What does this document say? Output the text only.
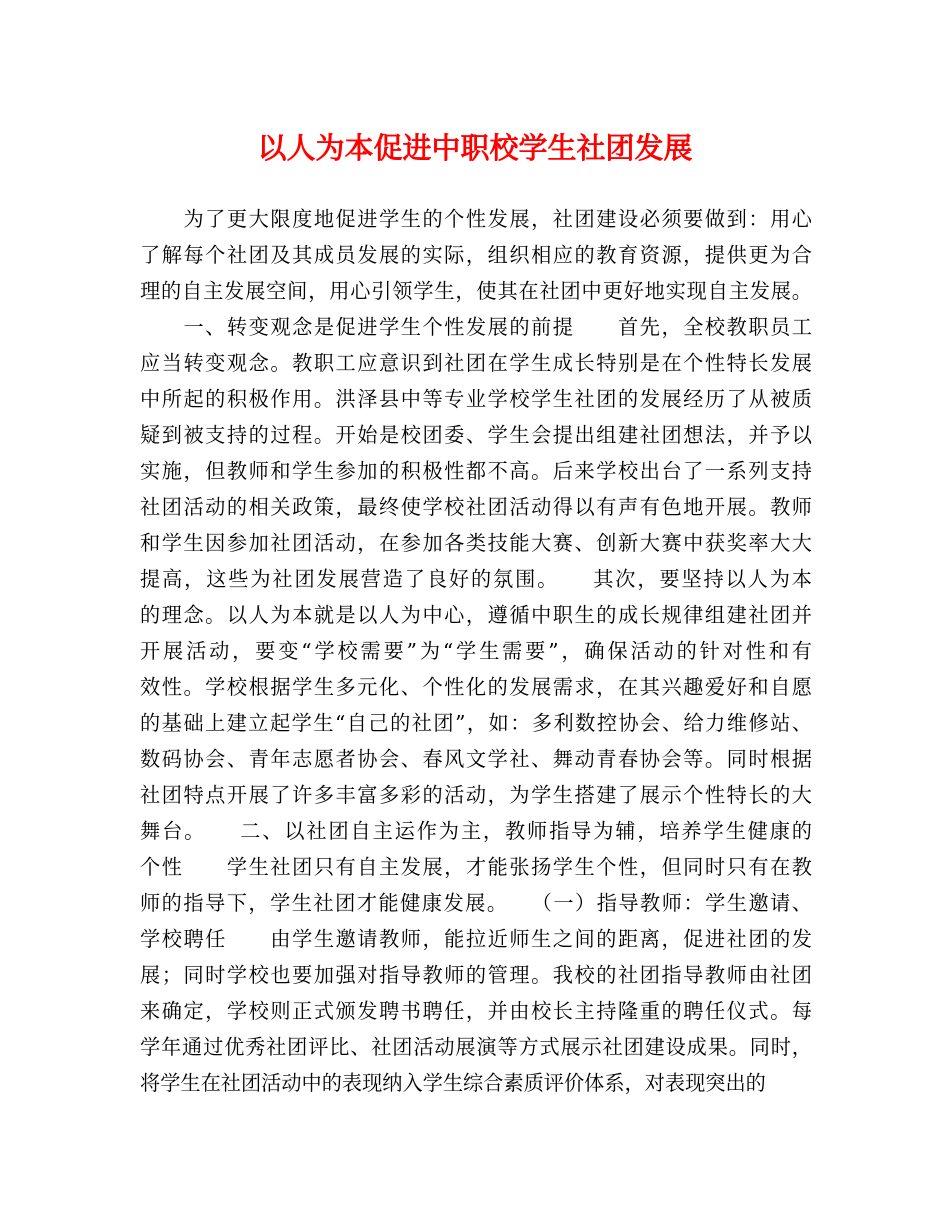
以人为本促进中职校学生社团发展
　　为了更大限度地促进学生的个性发展，社团建设必须要做到：用心
了解每个社团及其成员发展的实际，组织相应的教育资源，提供更为合
理的自主发展空间，用心引领学生，使其在社团中更好地实现自主发展。
　　一、转变观念是促进学生个性发展的前提　　首先，全校教职员工
应当转变观念。教职工应意识到社团在学生成长特别是在个性特长发展
中所起的积极作用。洪泽县中等专业学校学生社团的发展经历了从被质
疑到被支持的过程。开始是校团委、学生会提出组建社团想法，并予以
实施，但教师和学生参加的积极性都不高。后来学校出台了一系列支持
社团活动的相关政策，最终使学校社团活动得以有声有色地开展。教师
和学生因参加社团活动，在参加各类技能大赛、创新大赛中获奖率大大
提高，这些为社团发展营造了良好的氛围。　　其次，要坚持以人为本
的理念。以人为本就是以人为中心，遵循中职生的成长规律组建社团并
开展活动，要变“学校需要”为“学生需要”，确保活动的针对性和有
效性。学校根据学生多元化、个性化的发展需求，在其兴趣爱好和自愿
的基础上建立起学生“自己的社团”，如：多利数控协会、给力维修站、
数码协会、青年志愿者协会、春风文学社、舞动青春协会等。同时根据
社团特点开展了许多丰富多彩的活动，为学生搭建了展示个性特长的大
舞台。　　二、以社团自主运作为主，教师指导为辅，培养学生健康的
个性　　学生社团只有自主发展，才能张扬学生个性，但同时只有在教
师的指导下，学生社团才能健康发展。　　（一）指导教师：学生邀请、
学校聘任　　由学生邀请教师，能拉近师生之间的距离，促进社团的发
展；同时学校也要加强对指导教师的管理。我校的社团指导教师由社团
来确定，学校则正式颁发聘书聘任，并由校长主持隆重的聘任仪式。每
学年通过优秀社团评比、社团活动展演等方式展示社团建设成果。同时，
将学生在社团活动中的表现纳入学生综合素质评价体系，对表现突出的
